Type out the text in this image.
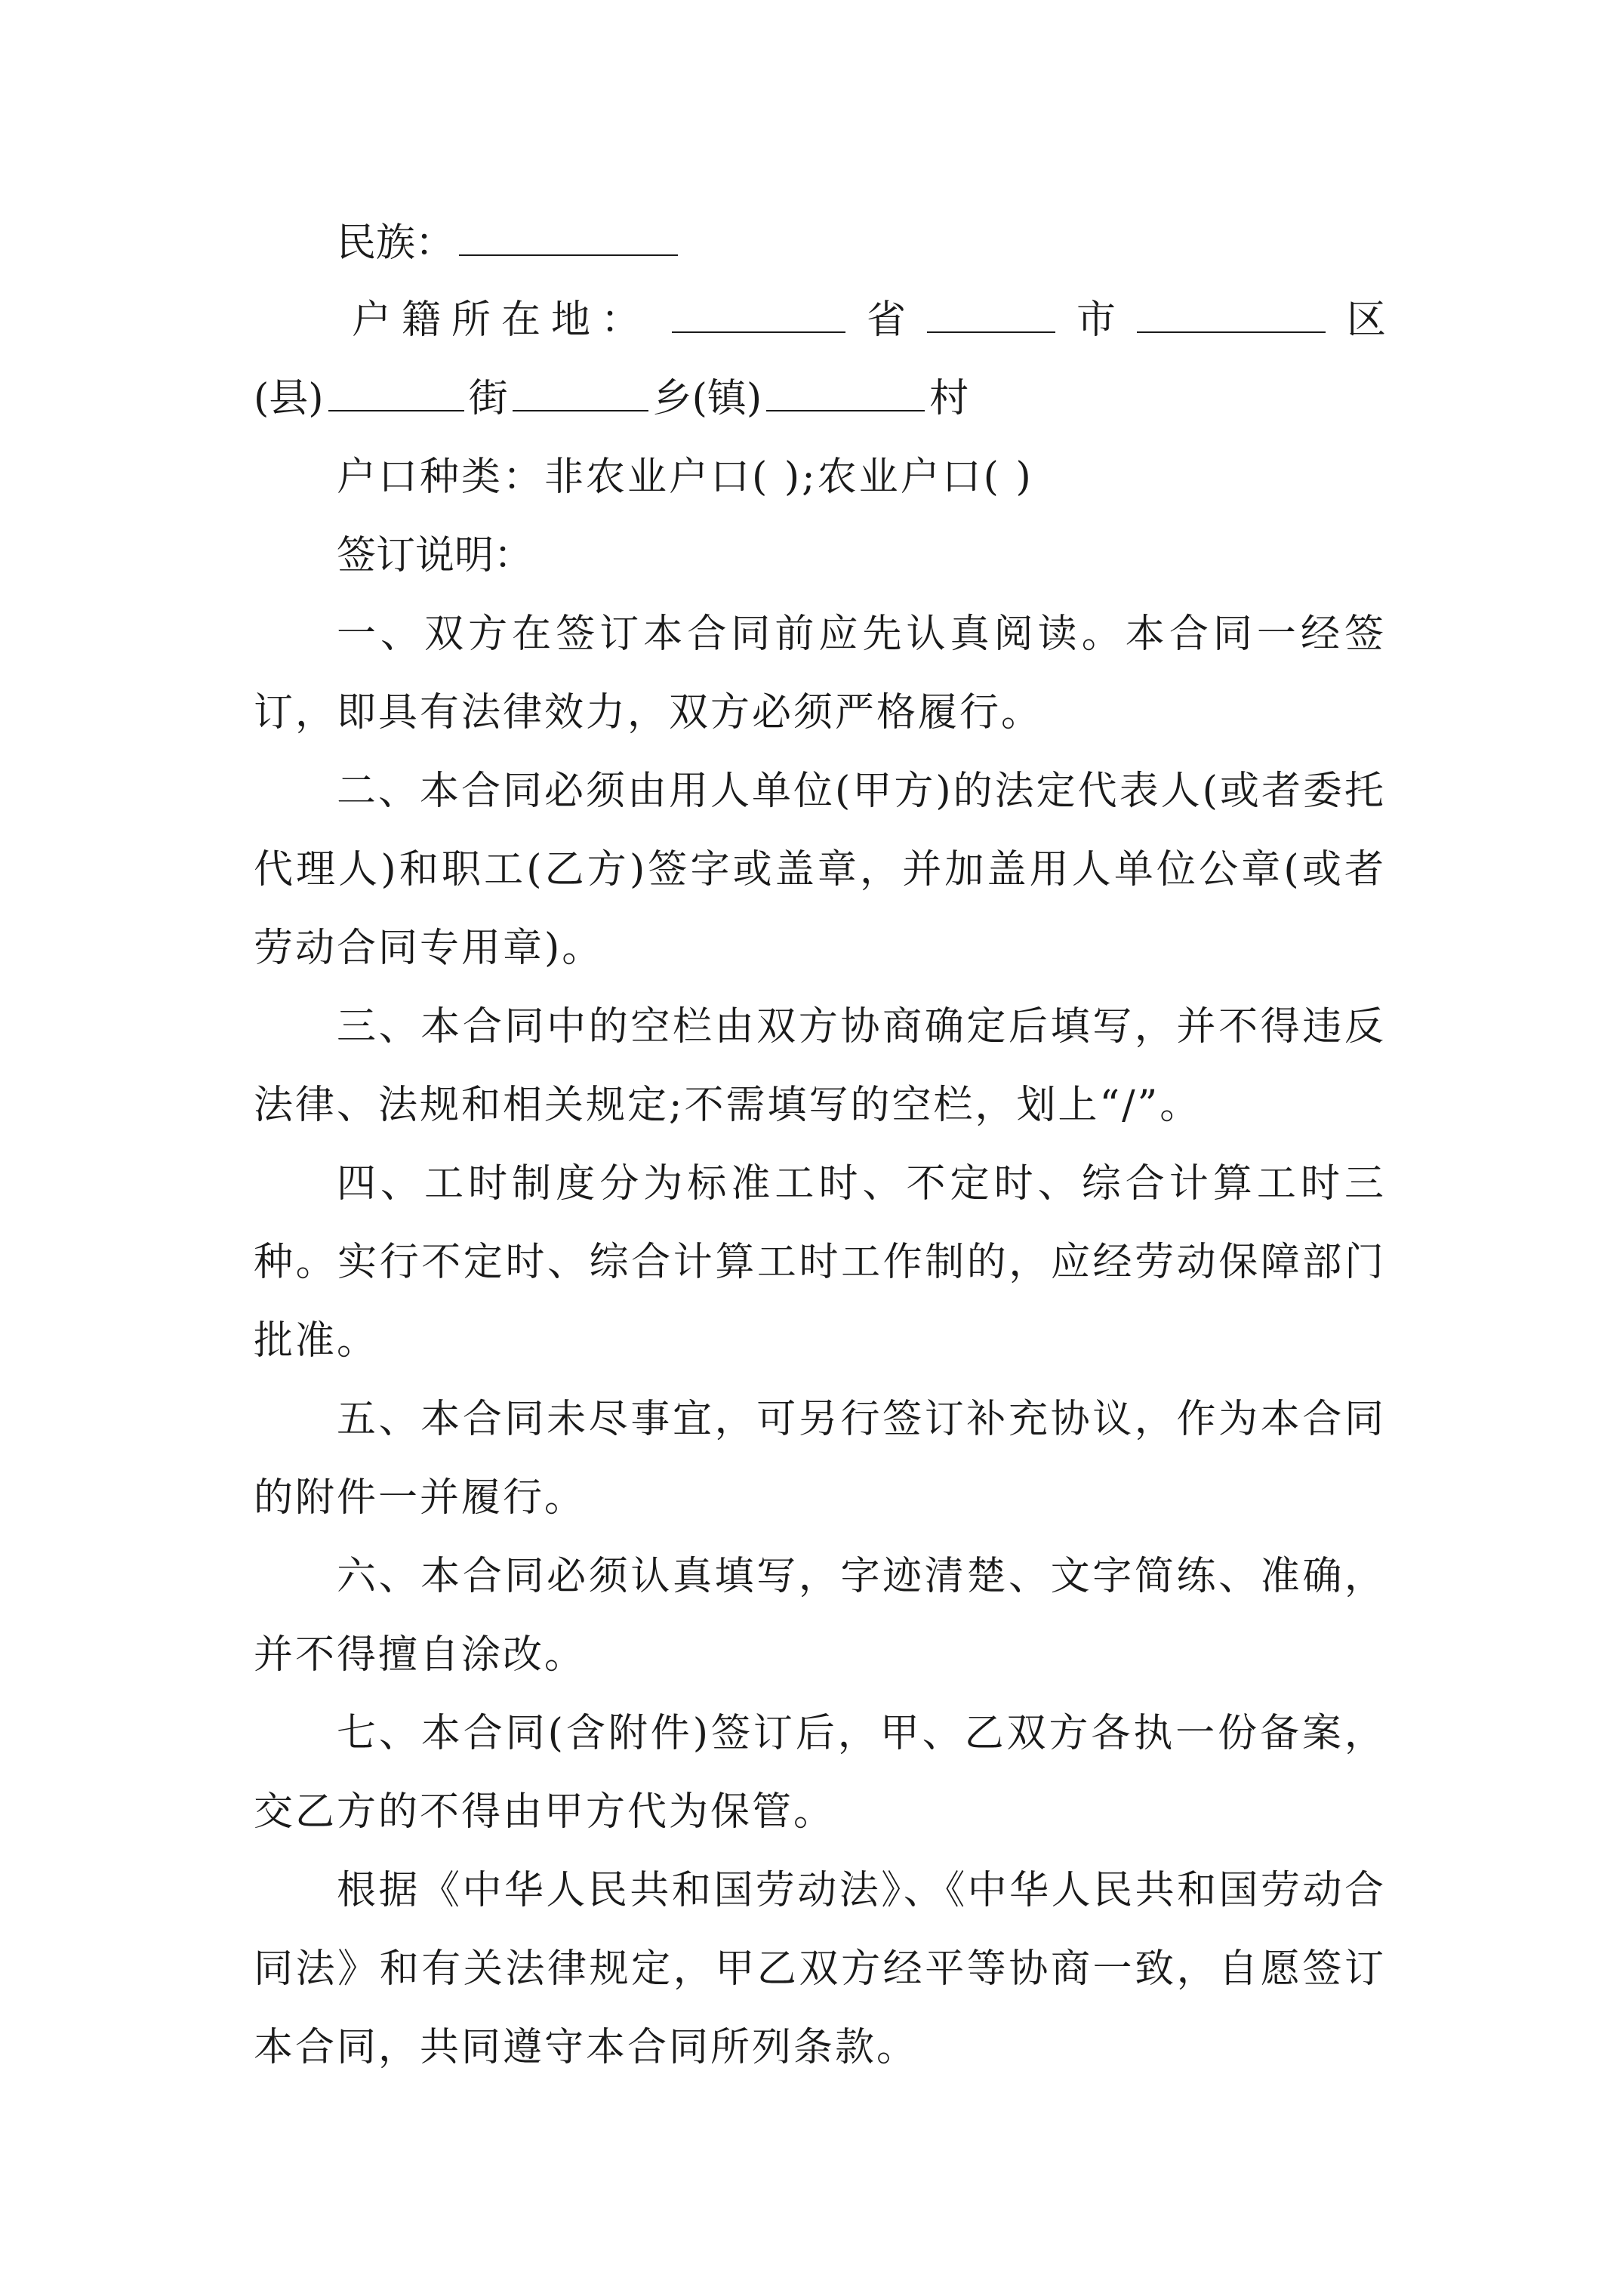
民族：
户籍所在地：	省	市	区
(县)	街	乡(镇)	村
户口种类：非农业户口( );农业户口( )
签订说明：

一、双方在签订本合同前应先认真阅读。本合同一经签订，即具有法律效力，双方必须严格履行。

二、本合同必须由用人单位(甲方)的法定代表人(或者委托代理人)和职工(乙方)签字或盖章，并加盖用人单位公章(或者劳动合同专用章)。

三、本合同中的空栏由双方协商确定后填写，并不得违反法律、法规和相关规定;不需填写的空栏，划上“/”。

四、工时制度分为标准工时、不定时、综合计算工时三种。实行不定时、综合计算工时工作制的，应经劳动保障部门批准。

五、本合同未尽事宜，可另行签订补充协议，作为本合同的附件一并履行。

六、本合同必须认真填写，字迹清楚、文字简练、准确，并不得擅自涂改。

七、本合同(含附件)签订后，甲、乙双方各执一份备案，交乙方的不得由甲方代为保管。

根据《中华人民共和国劳动法》、《中华人民共和国劳动合同法》和有关法律规定，甲乙双方经平等协商一致，自愿签订本合同，共同遵守本合同所列条款。
